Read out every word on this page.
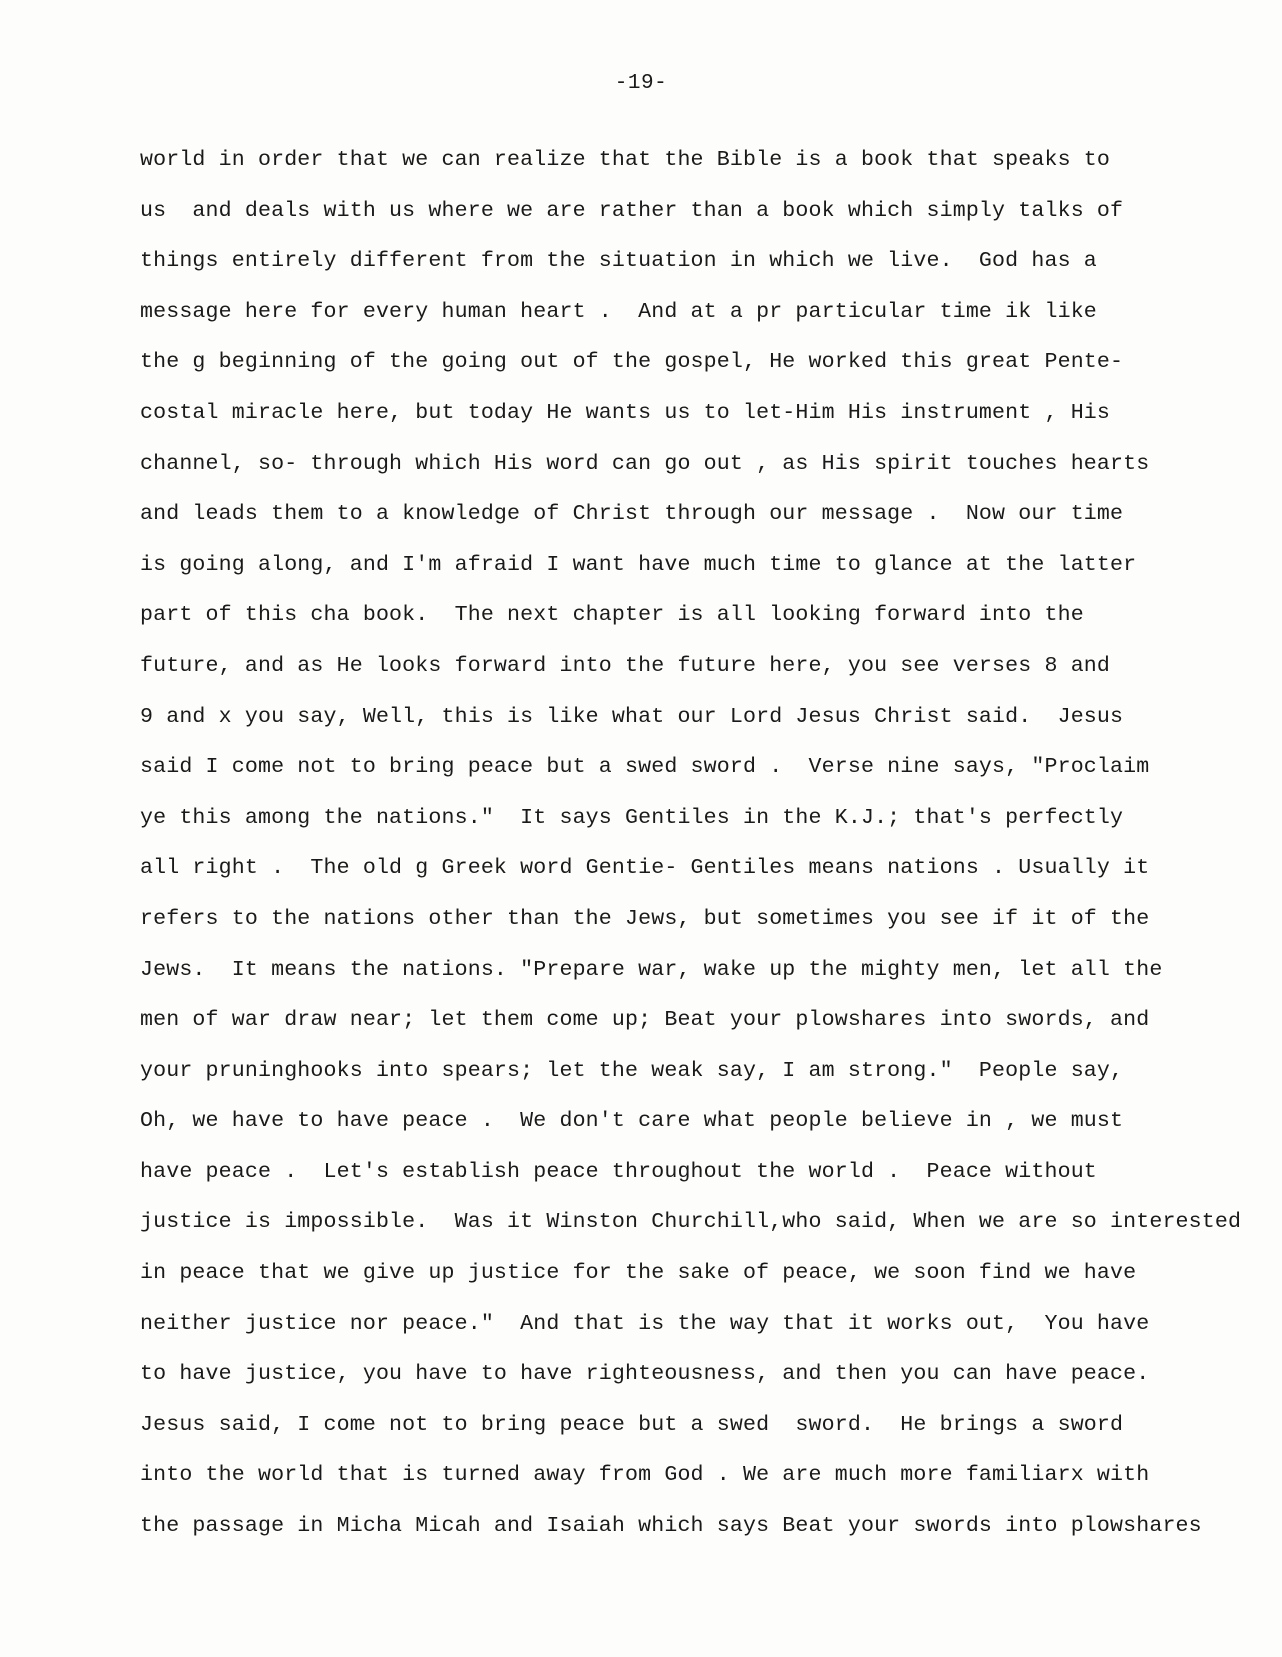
-19-
world in order that we can realize that the Bible is a book that speaks to
us  and deals with us where we are rather than a book which simply talks of
things entirely different from the situation in which we live.  God has a
message here for every human heart .  And at a pr particular time ik like
the g beginning of the going out of the gospel, He worked this great Pente-
costal miracle here, but today He wants us to let-Him His instrument , His
channel, so- through which His word can go out , as His spirit touches hearts
and leads them to a knowledge of Christ through our message .  Now our time
is going along, and I'm afraid I want have much time to glance at the latter
part of this cha book.  The next chapter is all looking forward into the
future, and as He looks forward into the future here, you see verses 8 and
9 and x you say, Well, this is like what our Lord Jesus Christ said.  Jesus
said I come not to bring peace but a swed sword .  Verse nine says, "Proclaim
ye this among the nations."  It says Gentiles in the K.J.; that's perfectly
all right .  The old g Greek word Gentie- Gentiles means nations . Usually it
refers to the nations other than the Jews, but sometimes you see if it of the
Jews.  It means the nations. "Prepare war, wake up the mighty men, let all the
men of war draw near; let them come up; Beat your plowshares into swords, and
your pruninghooks into spears; let the weak say, I am strong."  People say,
Oh, we have to have peace .  We don't care what people believe in , we must
have peace .  Let's establish peace throughout the world .  Peace without
justice is impossible.  Was it Winston Churchill,who said, When we are so interested
in peace that we give up justice for the sake of peace, we soon find we have
neither justice nor peace."  And that is the way that it works out,  You have
to have justice, you have to have righteousness, and then you can have peace.
Jesus said, I come not to bring peace but a swed  sword.  He brings a sword
into the world that is turned away from God . We are much more familiarx with
the passage in Micha Micah and Isaiah which says Beat your swords into plowshares
